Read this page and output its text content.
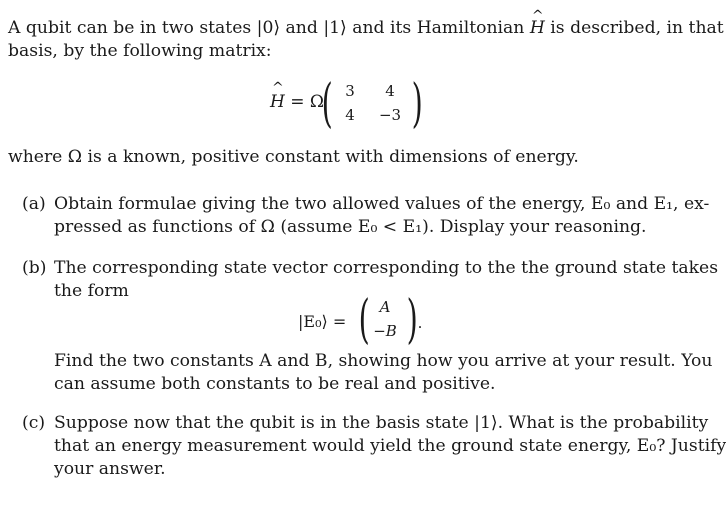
A qubit can be in two states |0⟩ and |1⟩ and its Hamiltonian ^ H is described, in that
basis, by the following matrix:
^ H = Ω
( 3	4
4	−3 )
where Ω is a known, positive constant with dimensions of energy.
(a) Obtain formulae giving the two allowed values of the energy, E₀ and E₁, ex-
pressed as functions of Ω (assume E₀ < E₁). Display your reasoning.
(b) The corresponding state vector corresponding to the the ground state takes
the form
|E₀⟩ = ( A
−B ) .
Find the two constants A and B, showing how you arrive at your result. You
can assume both constants to be real and positive.
(c) Suppose now that the qubit is in the basis state |1⟩. What is the probability
that an energy measurement would yield the ground state energy, E₀? Justify
your answer.
